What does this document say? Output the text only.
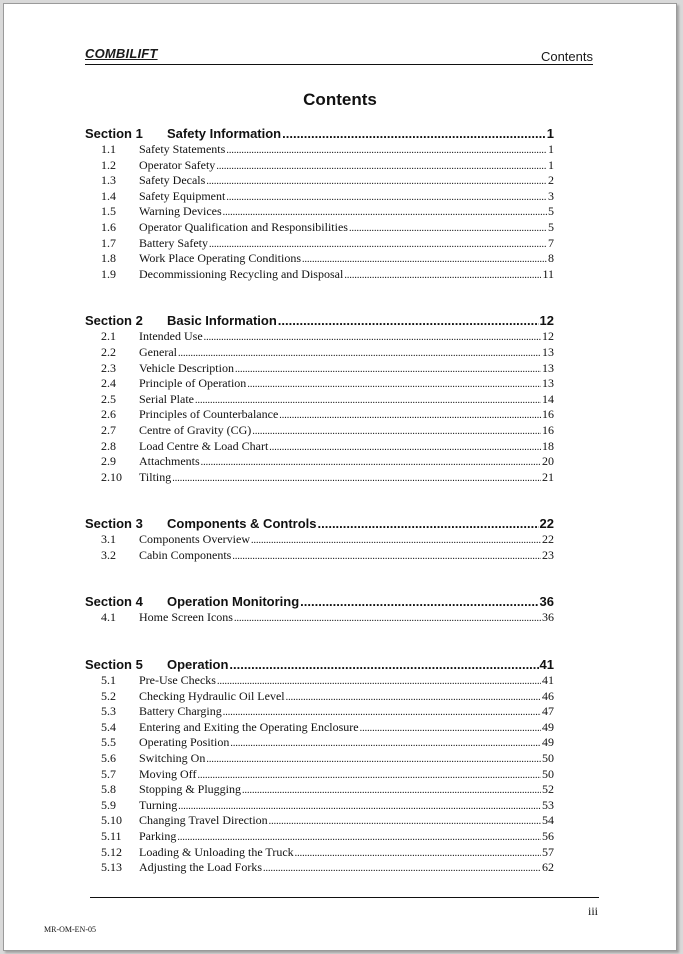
COMBILIFT	Contents
Contents
Section 1	Safety Information .....	1
1.1	Safety Statements .....	1
1.2	Operator Safety .....	1
1.3	Safety Decals .....	2
1.4	Safety Equipment .....	3
1.5	Warning Devices .....	5
1.6	Operator Qualification and Responsibilities .....	5
1.7	Battery Safety .....	7
1.8	Work Place Operating Conditions .....	8
1.9	Decommissioning Recycling and Disposal .....	11
Section 2	Basic Information .....	12
2.1	Intended Use .....	12
2.2	General .....	13
2.3	Vehicle Description .....	13
2.4	Principle of Operation .....	13
2.5	Serial Plate .....	14
2.6	Principles of Counterbalance .....	16
2.7	Centre of Gravity (CG) .....	16
2.8	Load Centre & Load Chart .....	18
2.9	Attachments .....	20
2.10	Tilting .....	21
Section 3	Components & Controls .....	22
3.1	Components Overview .....	22
3.2	Cabin Components .....	23
Section 4	Operation Monitoring .....	36
4.1	Home Screen Icons .....	36
Section 5	Operation .....	41
5.1	Pre-Use Checks .....	41
5.2	Checking Hydraulic Oil Level .....	46
5.3	Battery Charging .....	47
5.4	Entering and Exiting the Operating Enclosure .....	49
5.5	Operating Position .....	49
5.6	Switching On .....	50
5.7	Moving Off .....	50
5.8	Stopping & Plugging .....	52
5.9	Turning .....	53
5.10	Changing Travel Direction .....	54
5.11	Parking .....	56
5.12	Loading & Unloading the Truck .....	57
5.13	Adjusting the Load Forks .....	62
iii
MR-OM-EN-05
